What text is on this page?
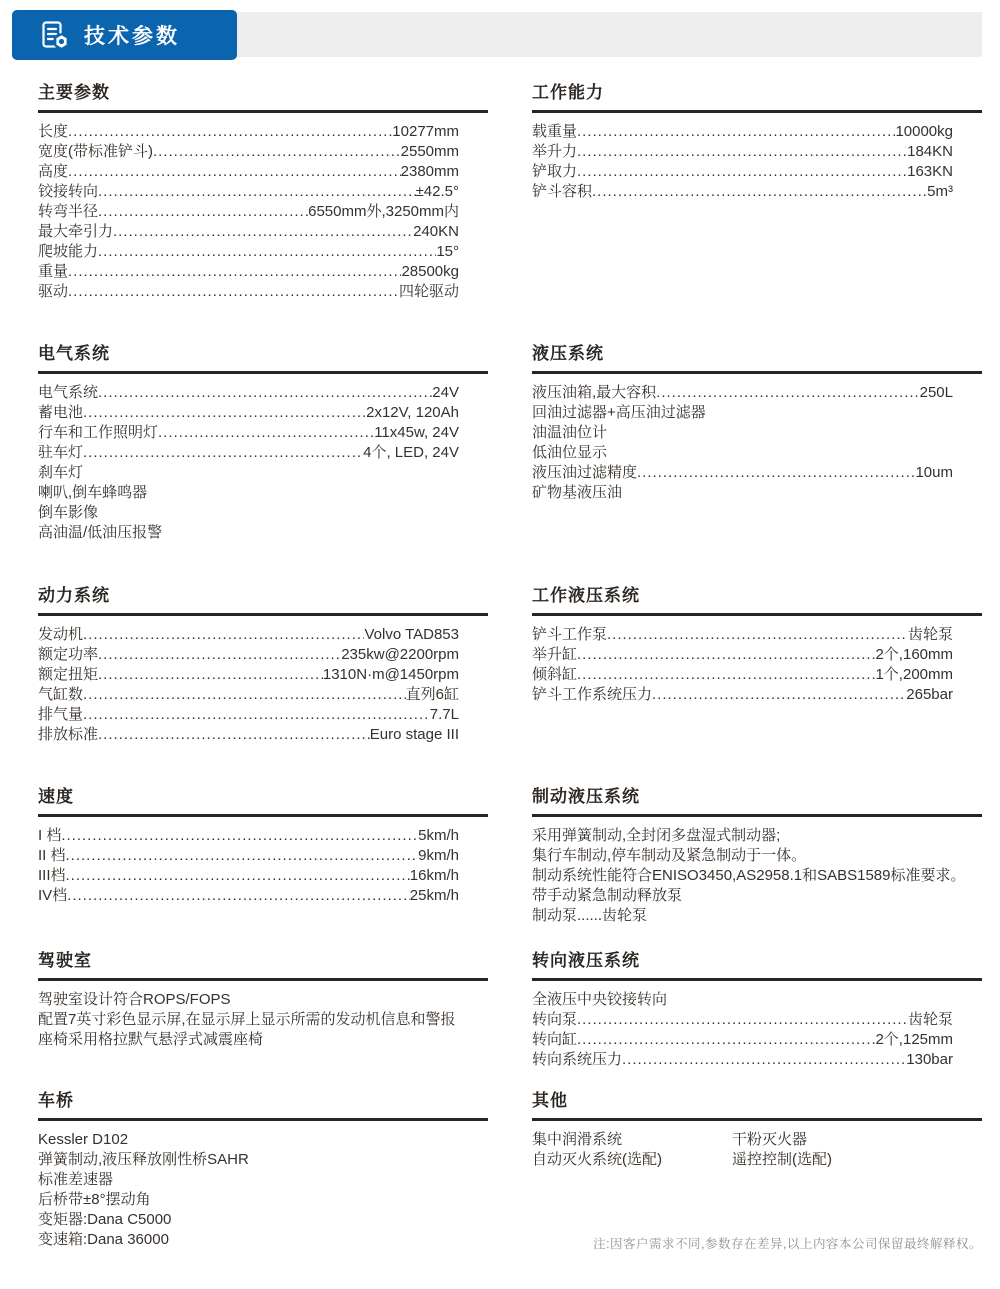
技术参数
主要参数
长度 .....	10277mm
宽度(带标准铲斗) .....	2550mm
高度 .....	2380mm
铰接转向 .....	±42.5°
转弯半径 .....	6550mm外,3250mm内
最大牵引力 .....	240KN
爬坡能力 .....	15°
重量 .....	28500kg
驱动 .....	四轮驱动
工作能力
载重量 .....	10000kg
举升力 .....	184KN
铲取力 .....	163KN
铲斗容积 .....	5m³
电气系统
电气系统 .....	24V
蓄电池 .....	2x12V, 120Ah
行车和工作照明灯 .....	11x45w, 24V
驻车灯 .....	4个, LED, 24V
刹车灯
喇叭,倒车蜂鸣器
倒车影像
高油温/低油压报警
液压系统
液压油箱,最大容积 .....	250L
回油过滤器+高压油过滤器
油温油位计
低油位显示
液压油过滤精度 .....	10um
矿物基液压油
动力系统
发动机 .....	Volvo TAD853
额定功率 .....	235kw@2200rpm
额定扭矩 .....	1310N·m@1450rpm
气缸数 .....	直列6缸
排气量 .....	7.7L
排放标准 .....	Euro stage III
工作液压系统
铲斗工作泵 .....	齿轮泵
举升缸 .....	2个,160mm
倾斜缸 .....	1个,200mm
铲斗工作系统压力 .....	265bar
速度
I 档 .....	5km/h
II 档 .....	9km/h
III档 .....	16km/h
IV档 .....	25km/h
制动液压系统
采用弹簧制动,全封闭多盘湿式制动器;
集行车制动,停车制动及紧急制动于一体。
制动系统性能符合ENISO3450,AS2958.1和SABS1589标准要求。
带手动紧急制动释放泵
制动泵......齿轮泵
驾驶室
驾驶室设计符合ROPS/FOPS
配置7英寸彩色显示屏,在显示屏上显示所需的发动机信息和警报
座椅采用格拉默气悬浮式减震座椅
转向液压系统
全液压中央铰接转向
转向泵 .....	齿轮泵
转向缸 .....	2个,125mm
转向系统压力 .....	130bar
车桥
Kessler D102
弹簧制动,液压释放刚性桥SAHR
标准差速器
后桥带±8°摆动角
变矩器:Dana C5000
变速箱:Dana 36000
其他
集中润滑系统	干粉灭火器
自动灭火系统(选配)	遥控控制(选配)
注:因客户需求不同,参数存在差异,以上内容本公司保留最终解释权。
